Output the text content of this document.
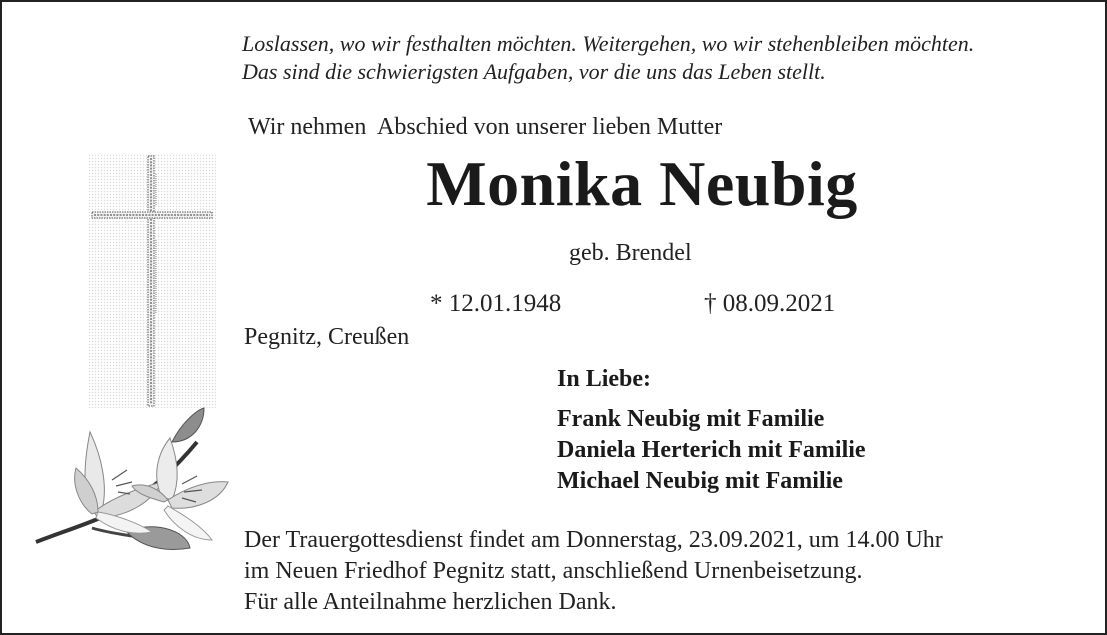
Loslassen, wo wir festhalten möchten. Weitergehen, wo wir stehenbleiben möchten.
Das sind die schwierigsten Aufgaben, vor die uns das Leben stellt.
Wir nehmen  Abschied von unserer lieben Mutter
Monika Neubig
geb. Brendel
* 12.01.1948	† 08.09.2021
Pegnitz, Creußen
In Liebe:
Frank Neubig mit Familie
Daniela Herterich mit Familie
Michael Neubig mit Familie
Der Trauergottesdienst findet am Donnerstag, 23.09.2021, um 14.00 Uhr
im Neuen Friedhof Pegnitz statt, anschließend Urnenbeisetzung.
Für alle Anteilnahme herzlichen Dank.
